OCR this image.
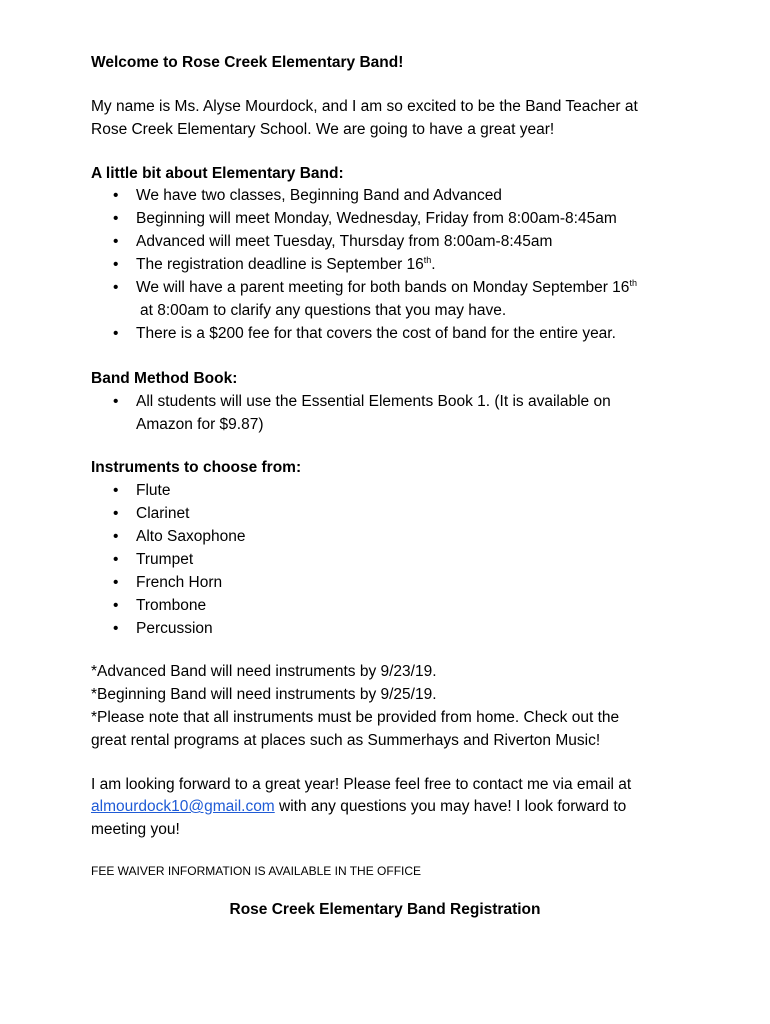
Welcome to Rose Creek Elementary Band!
My name is Ms. Alyse Mourdock, and I am so excited to be the Band Teacher at
Rose Creek Elementary School. We are going to have a great year!
A little bit about Elementary Band:
• We have two classes, Beginning Band and Advanced
• Beginning will meet Monday, Wednesday, Friday from 8:00am-8:45am
• Advanced will meet Tuesday, Thursday from 8:00am-8:45am
• The registration deadline is September 16th.
• We will have a parent meeting for both bands on Monday September 16th
at 8:00am to clarify any questions that you may have.
• There is a $200 fee for that covers the cost of band for the entire year.
Band Method Book:
• All students will use the Essential Elements Book 1. (It is available on
Amazon for $9.87)
Instruments to choose from:
• Flute
• Clarinet
• Alto Saxophone
• Trumpet
• French Horn
• Trombone
• Percussion
*Advanced Band will need instruments by 9/23/19.
*Beginning Band will need instruments by 9/25/19.
*Please note that all instruments must be provided from home. Check out the
great rental programs at places such as Summerhays and Riverton Music!
I am looking forward to a great year! Please feel free to contact me via email at
almourdock10@gmail.com with any questions you may have! I look forward to
meeting you!
FEE WAIVER INFORMATION IS AVAILABLE IN THE OFFICE
Rose Creek Elementary Band Registration
